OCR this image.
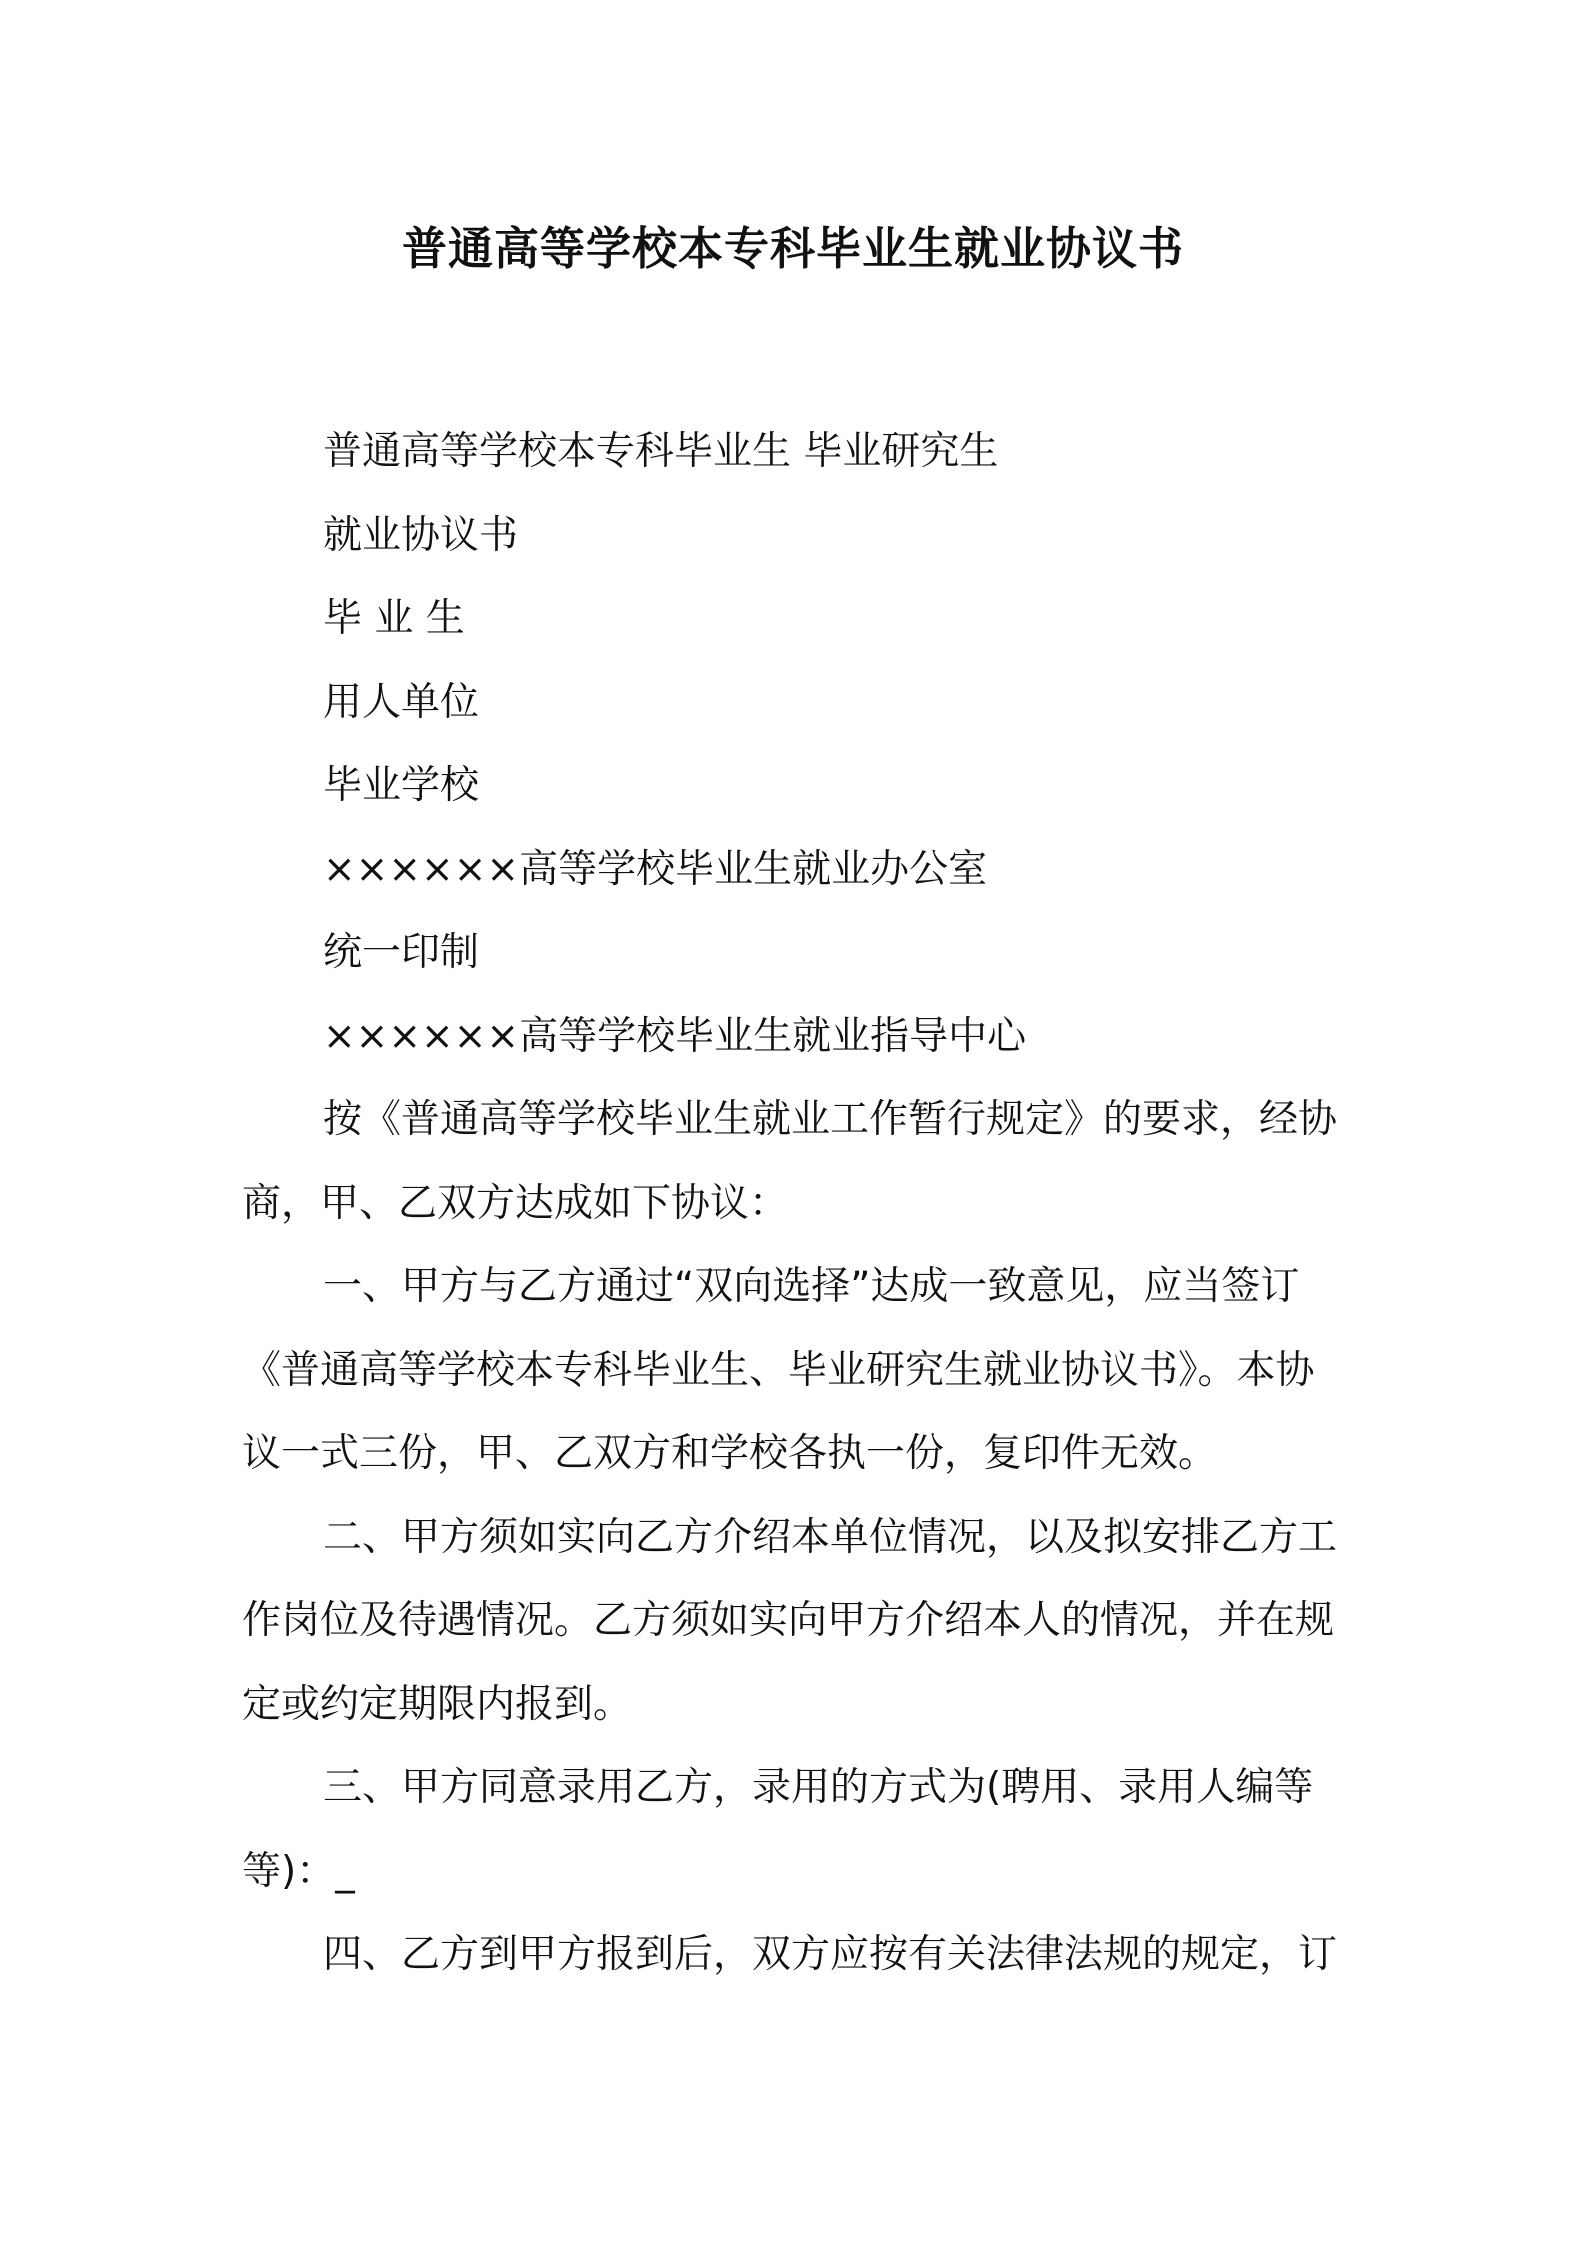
普通高等学校本专科毕业生就业协议书
普通高等学校本专科毕业生 毕业研究生
就业协议书
毕 业 生
用人单位
毕业学校
××××××高等学校毕业生就业办公室
统一印制
××××××高等学校毕业生就业指导中心
按《普通高等学校毕业生就业工作暂行规定》的要求，经协
商，甲、乙双方达成如下协议：
一、甲方与乙方通过“双向选择”达成一致意见，应当签订
《普通高等学校本专科毕业生、毕业研究生就业协议书》。本协
议一式三份，甲、乙双方和学校各执一份，复印件无效。
二、甲方须如实向乙方介绍本单位情况，以及拟安排乙方工
作岗位及待遇情况。乙方须如实向甲方介绍本人的情况，并在规
定或约定期限内报到。
三、甲方同意录用乙方，录用的方式为(聘用、录用人编等
等)：_
四、乙方到甲方报到后，双方应按有关法律法规的规定，订
